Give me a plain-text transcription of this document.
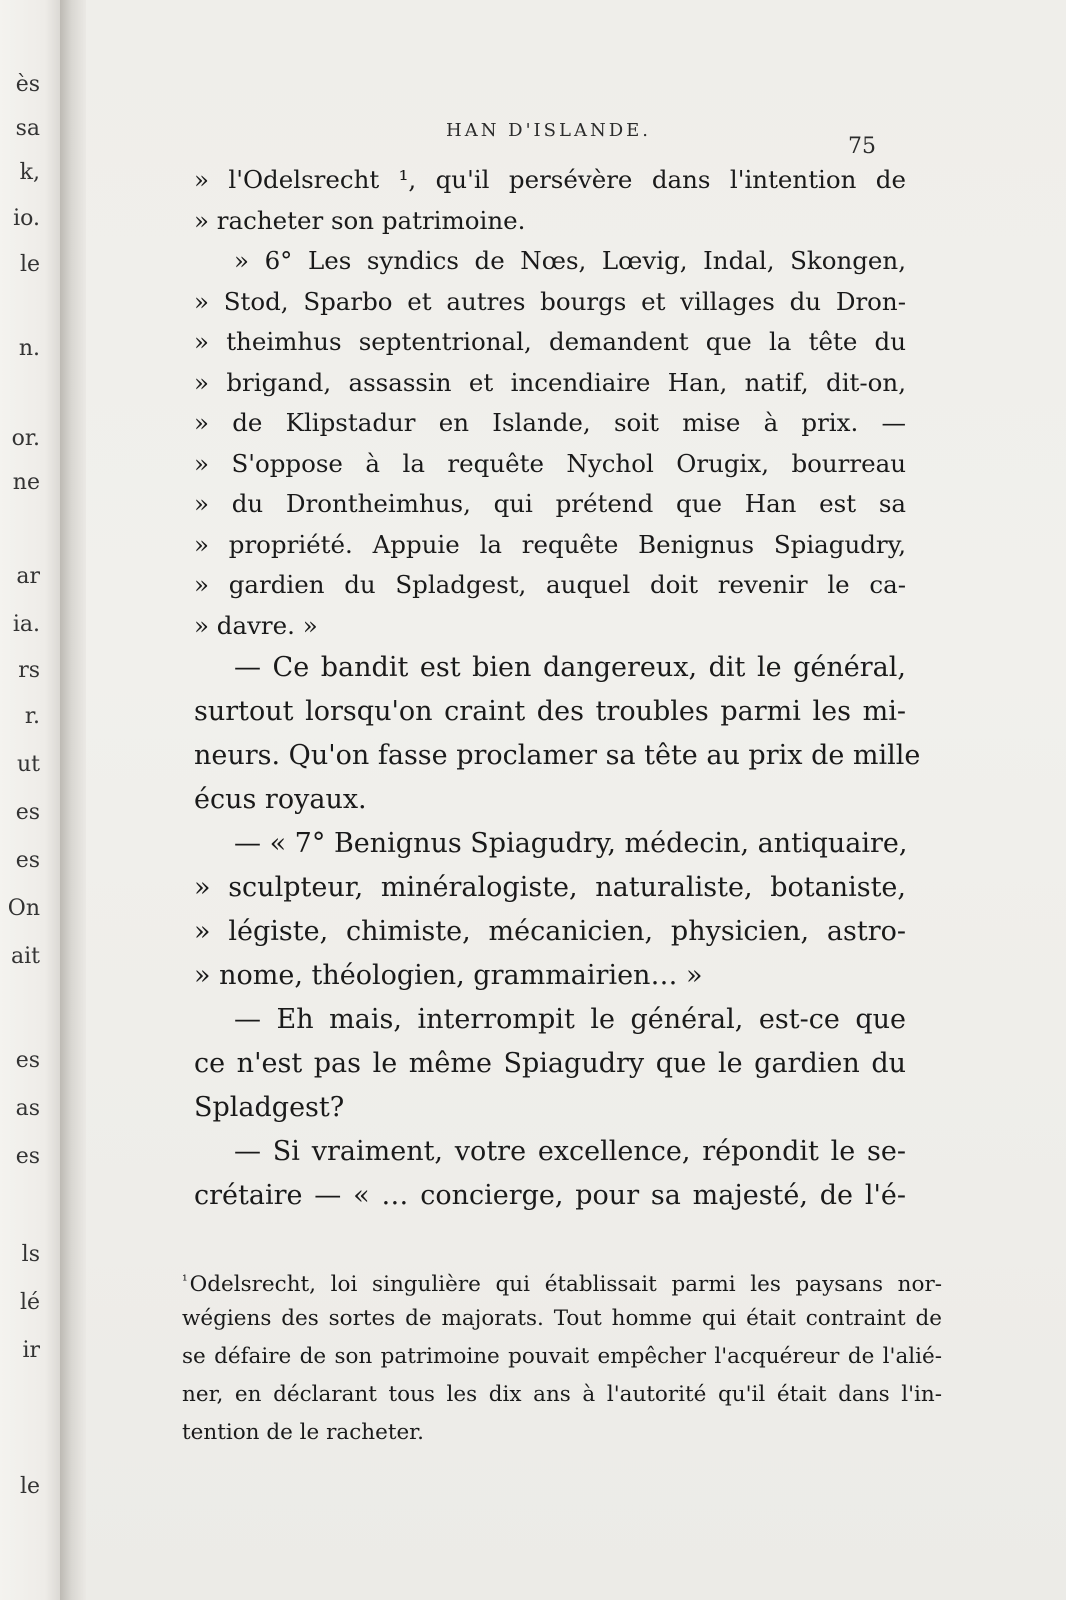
ès
sa
k,
io.
le
n.
or.
ne
ar
ia.
rs
r.
ut
es
es
On
ait
es
as
es
ls
lé
ir
le
HAN D'ISLANDE.
75
» l'Odelsrecht ¹, qu'il persévère dans l'intention de
» racheter son patrimoine.
» 6° Les syndics de Nœs, Lœvig, Indal, Skongen,
» Stod, Sparbo et autres bourgs et villages du Dron-
» theimhus septentrional, demandent que la tête du
» brigand, assassin et incendiaire Han, natif, dit-on,
» de Klipstadur en Islande, soit mise à prix. —
» S'oppose à la requête Nychol Orugix, bourreau
» du Drontheimhus, qui prétend que Han est sa
» propriété. Appuie la requête Benignus Spiagudry,
» gardien du Spladgest, auquel doit revenir le ca-
» davre. »
— Ce bandit est bien dangereux, dit le général,
surtout lorsqu'on craint des troubles parmi les mi-
neurs. Qu'on fasse proclamer sa tête au prix de mille
écus royaux.
— « 7° Benignus Spiagudry, médecin, antiquaire,
» sculpteur, minéralogiste, naturaliste, botaniste,
» légiste, chimiste, mécanicien, physicien, astro-
» nome, théologien, grammairien… »
— Eh mais, interrompit le général, est-ce que
ce n'est pas le même Spiagudry que le gardien du
Spladgest?
— Si vraiment, votre excellence, répondit le se-
crétaire — « … concierge, pour sa majesté, de l'é-
$^{^1}$Odelsrecht, loi singulière qui établissait parmi les paysans nor-
wégiens des sortes de majorats. Tout homme qui était contraint de
se défaire de son patrimoine pouvait empêcher l'acquéreur de l'alié-
ner, en déclarant tous les dix ans à l'autorité qu'il était dans l'in-
tention de le racheter.
